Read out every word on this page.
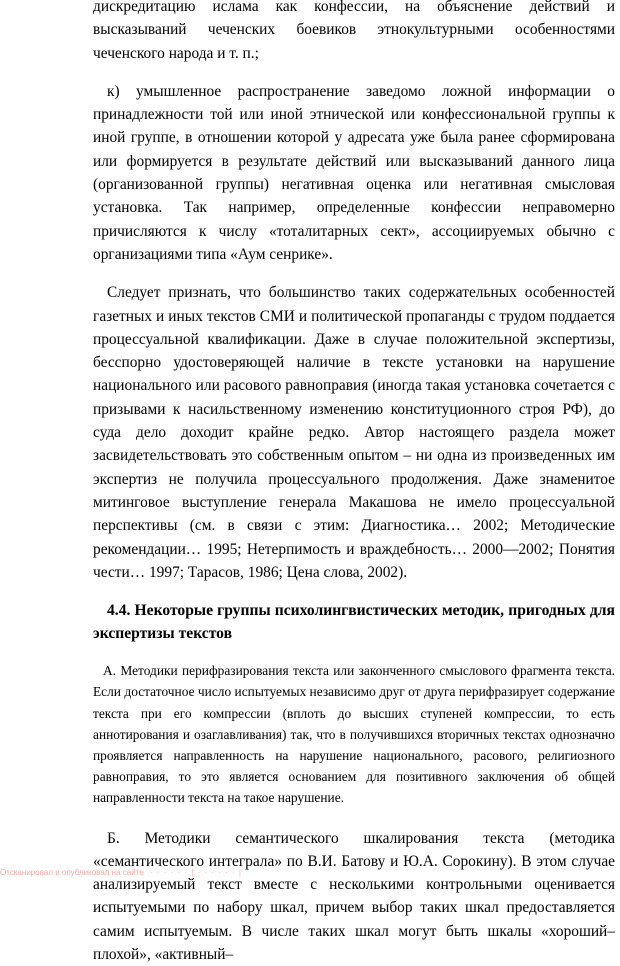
дискредитацию ислама как конфессии, на объяснение действий и высказываний чеченских боевиков этнокультурными особенностями чеченского народа и т. п.;

к) умышленное распространение заведомо ложной информации о принадлежности той или иной этнической или конфессиональной группы к иной группе, в отношении которой у адресата уже была ранее сформирована или формируется в результате действий или высказываний данного лица (организованной группы) негативная оценка или негативная смысловая установка. Так например, определенные конфессии неправомерно причисляются к числу «тоталитарных сект», ассоциируемых обычно с организациями типа «Аум сенрике».

Следует признать, что большинство таких содержательных особенностей газетных и иных текстов СМИ и политической пропаганды с трудом поддается процессуальной квалификации. Даже в случае положительной экспертизы, бесспорно удостоверяющей наличие в тексте установки на нарушение национального или расового равноправия (иногда такая установка сочетается с призывами к насильственному изменению конституционного строя РФ), до суда дело доходит крайне редко. Автор настоящего раздела может засвидетельствовать это собственным опытом – ни одна из произведенных им экспертиз не получила процессуального продолжения. Даже знаменитое митинговое выступление генерала Макашова не имело процессуальной перспективы (см. в связи с этим: Диагностика… 2002; Методические рекомендации… 1995; Нетерпимость и враждебность… 2000—2002; Понятия чести… 1997; Тарасов, 1986; Цена слова, 2002).

4.4. Некоторые группы психолингвистических методик, пригодных для экспертизы текстов

А. Методики перифразирования текста или законченного смыслового фрагмента текста. Если достаточное число испытуемых независимо друг от друга перифразирует содержание текста при его компрессии (вплоть до высших ступеней компрессии, то есть аннотирования и озаглавливания) так, что в получившихся вторичных текстах однозначно проявляется направленность на нарушение национального, расового, религиозного равноправия, то это является основанием для позитивного заключения об общей направленности текста на такое нарушение.

Б. Методики семантического шкалирования текста (методика «семантического интеграла» по В.И. Батову и Ю.А. Сорокину). В этом случае анализируемый текст вместе с несколькими контрольными оценивается испытуемыми по набору шкал, причем выбор таких шкал предоставляется самим испытуемым. В числе таких шкал могут быть шкалы «хороший–плохой», «активный–

Отсканировал и опубликовал на сайте · · · · · · | · · · · · · |
